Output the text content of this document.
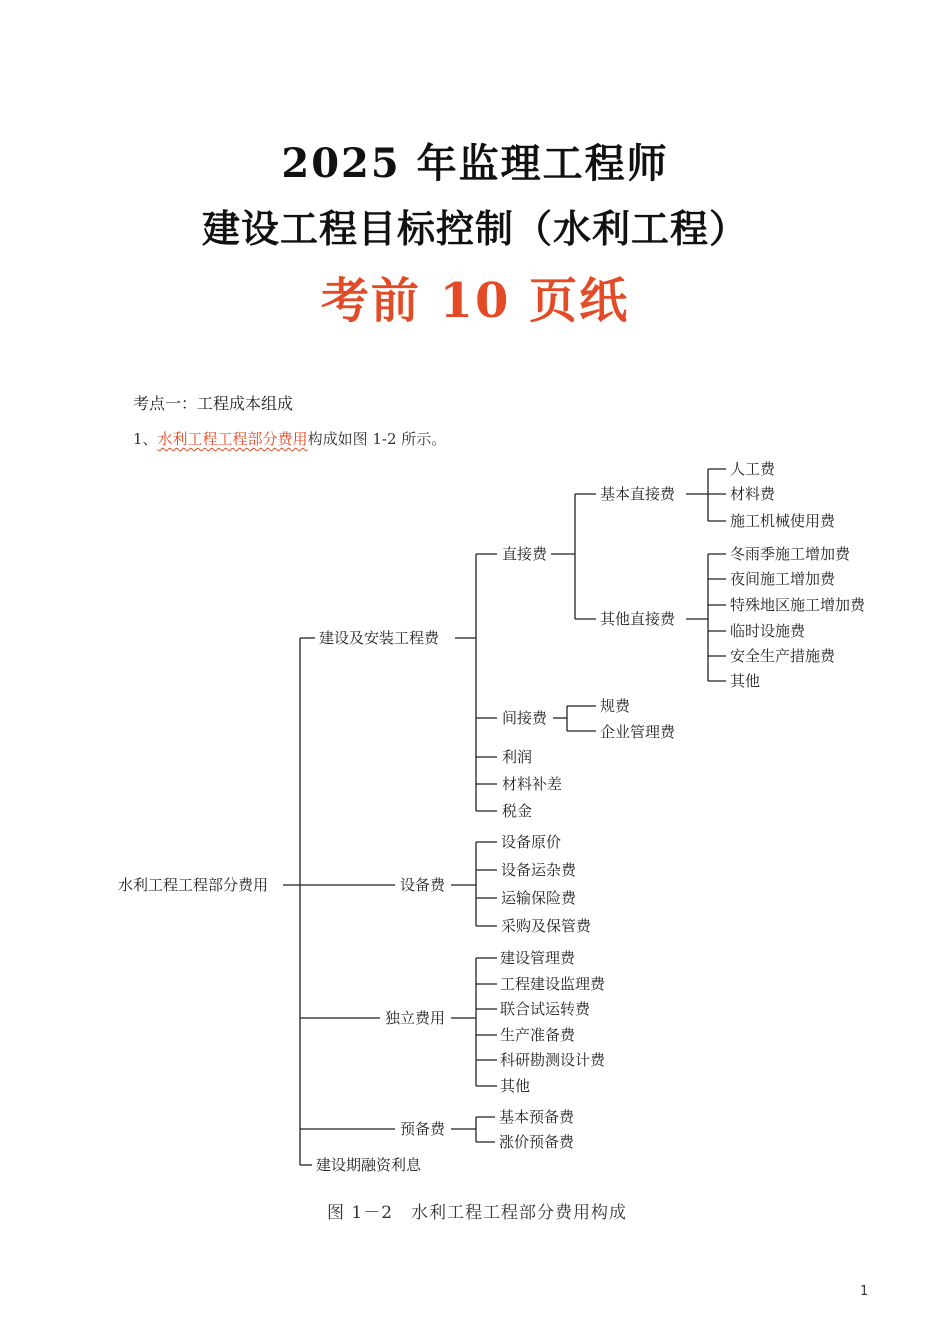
2025 年监理工程师
建设工程目标控制（水利工程）
考前 10 页纸
考点一：工程成本组成
1、水利工程工程部分费用构成如图 1-2 所示。
水利工程工程部分费用
建设及安装工程费
直接费
基本直接费
人工费
材料费
施工机械使用费
其他直接费
冬雨季施工增加费
夜间施工增加费
特殊地区施工增加费
临时设施费
安全生产措施费
其他
间接费
规费
企业管理费
利润
材料补差
税金
设备费
设备原价
设备运杂费
运输保险费
采购及保管费
独立费用
建设管理费
工程建设监理费
联合试运转费
生产准备费
科研勘测设计费
其他
预备费
基本预备费
涨价预备费
建设期融资利息
图 1－2　水利工程工程部分费用构成
1
